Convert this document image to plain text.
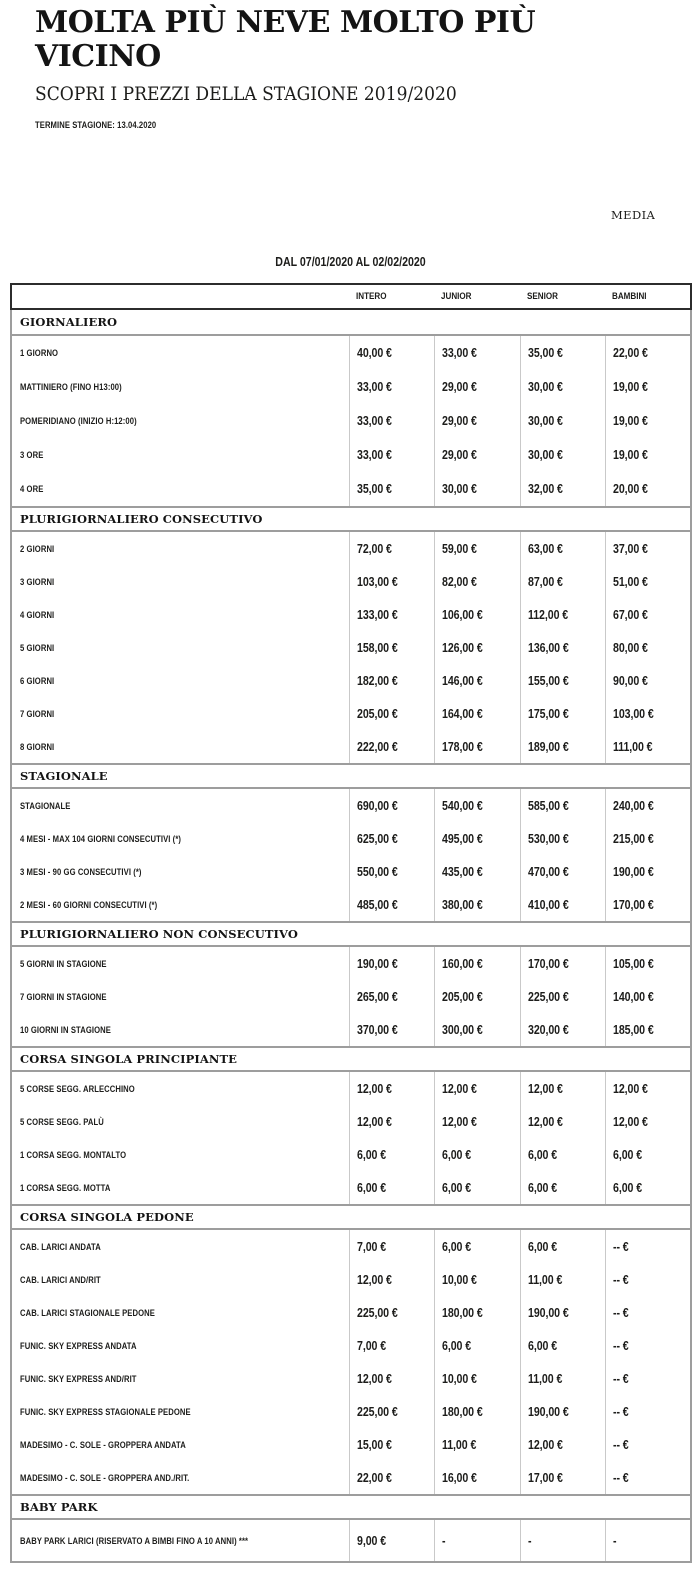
MOLTA PIÙ NEVE MOLTO PIÙ VICINO
SCOPRI I PREZZI DELLA STAGIONE 2019/2020
TERMINE STAGIONE: 13.04.2020
MEDIA
DAL 07/01/2020 AL 02/02/2020
INTERO	JUNIOR	SENIOR	BAMBINI
GIORNALIERO
1 GIORNO	40,00 €	33,00 €	35,00 €	22,00 €
MATTINIERO (FINO H13:00)	33,00 €	29,00 €	30,00 €	19,00 €
POMERIDIANO (INIZIO H:12:00)	33,00 €	29,00 €	30,00 €	19,00 €
3 ORE	33,00 €	29,00 €	30,00 €	19,00 €
4 ORE	35,00 €	30,00 €	32,00 €	20,00 €
PLURIGIORNALIERO CONSECUTIVO
2 GIORNI	72,00 €	59,00 €	63,00 €	37,00 €
3 GIORNI	103,00 €	82,00 €	87,00 €	51,00 €
4 GIORNI	133,00 €	106,00 €	112,00 €	67,00 €
5 GIORNI	158,00 €	126,00 €	136,00 €	80,00 €
6 GIORNI	182,00 €	146,00 €	155,00 €	90,00 €
7 GIORNI	205,00 €	164,00 €	175,00 €	103,00 €
8 GIORNI	222,00 €	178,00 €	189,00 €	111,00 €
STAGIONALE
STAGIONALE	690,00 €	540,00 €	585,00 €	240,00 €
4 MESI - MAX 104 GIORNI CONSECUTIVI (*)	625,00 €	495,00 €	530,00 €	215,00 €
3 MESI - 90 GG CONSECUTIVI (*)	550,00 €	435,00 €	470,00 €	190,00 €
2 MESI - 60 GIORNI CONSECUTIVI (*)	485,00 €	380,00 €	410,00 €	170,00 €
PLURIGIORNALIERO NON CONSECUTIVO
5 GIORNI IN STAGIONE	190,00 €	160,00 €	170,00 €	105,00 €
7 GIORNI IN STAGIONE	265,00 €	205,00 €	225,00 €	140,00 €
10 GIORNI IN STAGIONE	370,00 €	300,00 €	320,00 €	185,00 €
CORSA SINGOLA PRINCIPIANTE
5 CORSE SEGG. ARLECCHINO	12,00 €	12,00 €	12,00 €	12,00 €
5 CORSE SEGG. PALÙ	12,00 €	12,00 €	12,00 €	12,00 €
1 CORSA SEGG. MONTALTO	6,00 €	6,00 €	6,00 €	6,00 €
1 CORSA SEGG. MOTTA	6,00 €	6,00 €	6,00 €	6,00 €
CORSA SINGOLA PEDONE
CAB. LARICI ANDATA	7,00 €	6,00 €	6,00 €	-- €
CAB. LARICI AND/RIT	12,00 €	10,00 €	11,00 €	-- €
CAB. LARICI STAGIONALE PEDONE	225,00 €	180,00 €	190,00 €	-- €
FUNIC. SKY EXPRESS ANDATA	7,00 €	6,00 €	6,00 €	-- €
FUNIC. SKY EXPRESS AND/RIT	12,00 €	10,00 €	11,00 €	-- €
FUNIC. SKY EXPRESS STAGIONALE PEDONE	225,00 €	180,00 €	190,00 €	-- €
MADESIMO - C. SOLE - GROPPERA ANDATA	15,00 €	11,00 €	12,00 €	-- €
MADESIMO - C. SOLE - GROPPERA AND./RIT.	22,00 €	16,00 €	17,00 €	-- €
BABY PARK
BABY PARK LARICI (RISERVATO A BIMBI FINO A 10 ANNI) ***	9,00 €	-	-	-
